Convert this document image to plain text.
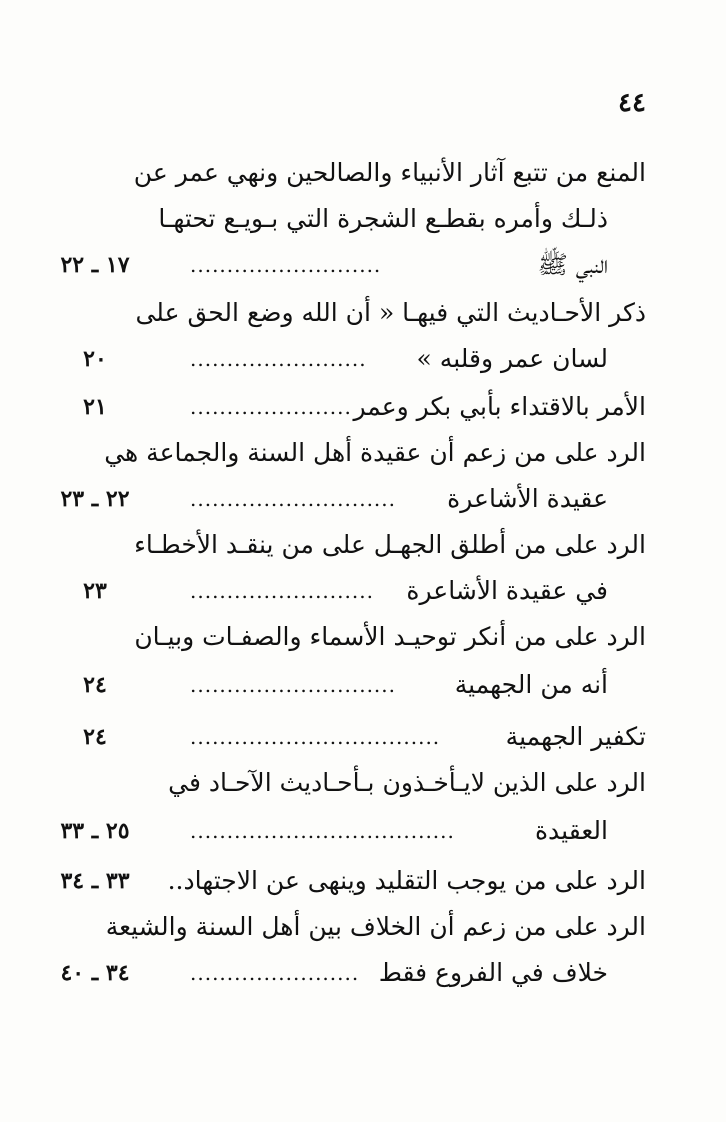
٤٤
المنع من تتبع آثار الأنبياء والصالحين ونهي عمر عن
ذلـك وأمره بقطـع الشجرة التي بـويـع تحتهـا
النبي ﷺ
..........................
١٧ ـ ٢٢
ذكر الأحـاديث التي فيهـا « أن الله وضع الحق على
لسان عمر وقلبه »
........................
٢٠
الأمر بالاقتداء بأبي بكر وعمر
......................
٢١
الرد على من زعم أن عقيدة أهل السنة والجماعة هي
عقيدة الأشاعرة
............................
٢٢ ـ ٢٣
الرد على من أطلق الجهـل على من ينقـد الأخطـاء
في عقيدة الأشاعرة
.........................
٢٣
الرد على من أنكر توحيـد الأسماء والصفـات وبيـان
أنه من الجهمية
............................
٢٤
تكفير الجهمية
..................................
٢٤
الرد على الذين لايـأخـذون بـأحـاديث الآحـاد في
العقيدة
....................................
٢٥ ـ ٣٣
الرد على من يوجب التقليد وينهى عن الاجتهاد..
٣٣ ـ ٣٤
الرد على من زعم أن الخلاف بين أهل السنة والشيعة
خلاف في الفروع فقط
.......................
٣٤ ـ ٤٠
